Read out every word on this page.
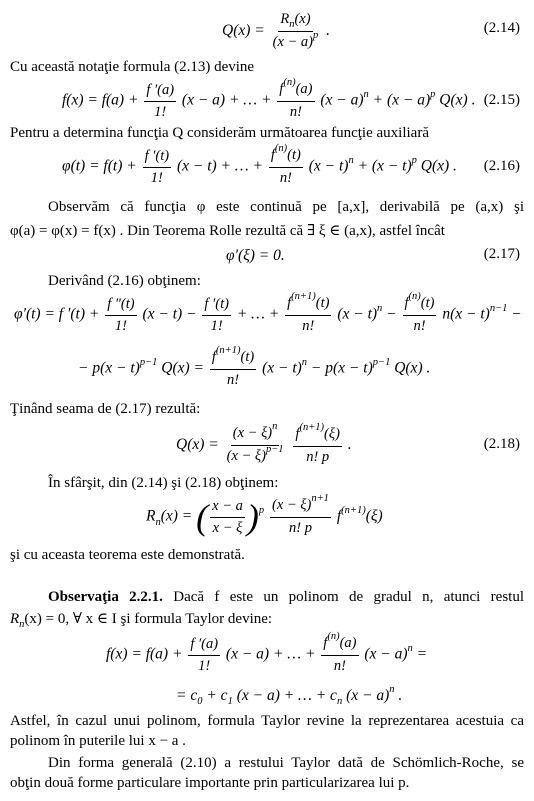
$Q(x) = \frac{R_n(x)}{(x - a)^p}$ .	(2.14)
Cu această notaţie formula (2.13) devine
$f(x) = f(a) + \frac{f '(a)}{1!} (x - a)$ + … + $\frac{f^{(n)}(a)}{n!} (x - a)^n + (x - a)^p$ Q(x) . (2.15)
Pentru a determina funcţia Q considerăm următoarea funcţie auxiliară
$\varphi(t) = f(t) + \frac{f '(t)}{1!} (x - t)$ + … + $\frac{f^{(n)}(t)}{n!} (x - t)^n + (x - t)^p$ Q(x) . (2.16)
Observăm că funcţia φ este continuă pe [a,x], derivabilă pe (a,x) şi
φ(a) = φ(x) = f(x) . Din Teorema Rolle rezultă că ∃ ξ ∈ (a,x), astfel încât
φ′(ξ) = 0.	(2.17)
Derivând (2.16) obţinem:
φ′(t) = f $'(t) + \frac{f ''(t)}{1!} (x - t) - \frac{f '(t)}{1!}$ + … + $\frac{f^{(n+1)}(t)}{n!} (x - t)^n - \frac{f^{(n)}(t)}{n!} n(x - t)^{n-1}$ −
− $p(x - t)^{p-1}$ $Q(x) = \frac{f^{(n+1)}(t)}{n!} (x - t)^n - p(x - t)^{p-1}$ Q(x) .
Ţinând seama de (2.17) rezultă:
$Q(x) = \frac{(x - \xi)^n}{(x - \xi)^{p-1}}$
$\frac{f^{(n+1)}(\xi)}{n! p}$ .	(2.18)
În sfârşit, din (2.14) şi (2.18) obţinem:
$R_n(x)$ = ( $\frac{x - a}{x - \xi} )^p \frac{(x - \xi)^{n+1}}{n! p} f^{(n+1)}(\xi)$
şi cu aceasta teorema este demonstrată.
Observaţia 2.2.1. Dacă f este un polinom de gradul n, atunci restul
$R_n(x) = 0$, ∀ x ∈ I şi formula Taylor devine:
$f(x) = f(a) + \frac{f '(a)}{1!} (x - a)$ + … + $\frac{f^{(n)}(a)}{n!} (x - a)^n$ =
= $c_0 + c_1$ (x − a) + … + $c_n$ $(x - a)^n$ .
Astfel, în cazul unui polinom, formula Taylor revine la reprezentarea acestuia ca
polinom în puterile lui x − a .
Din forma generală (2.10) a restului Taylor dată de Schömlich-Roche, se
obţin două forme particulare importante prin particularizarea lui p.
